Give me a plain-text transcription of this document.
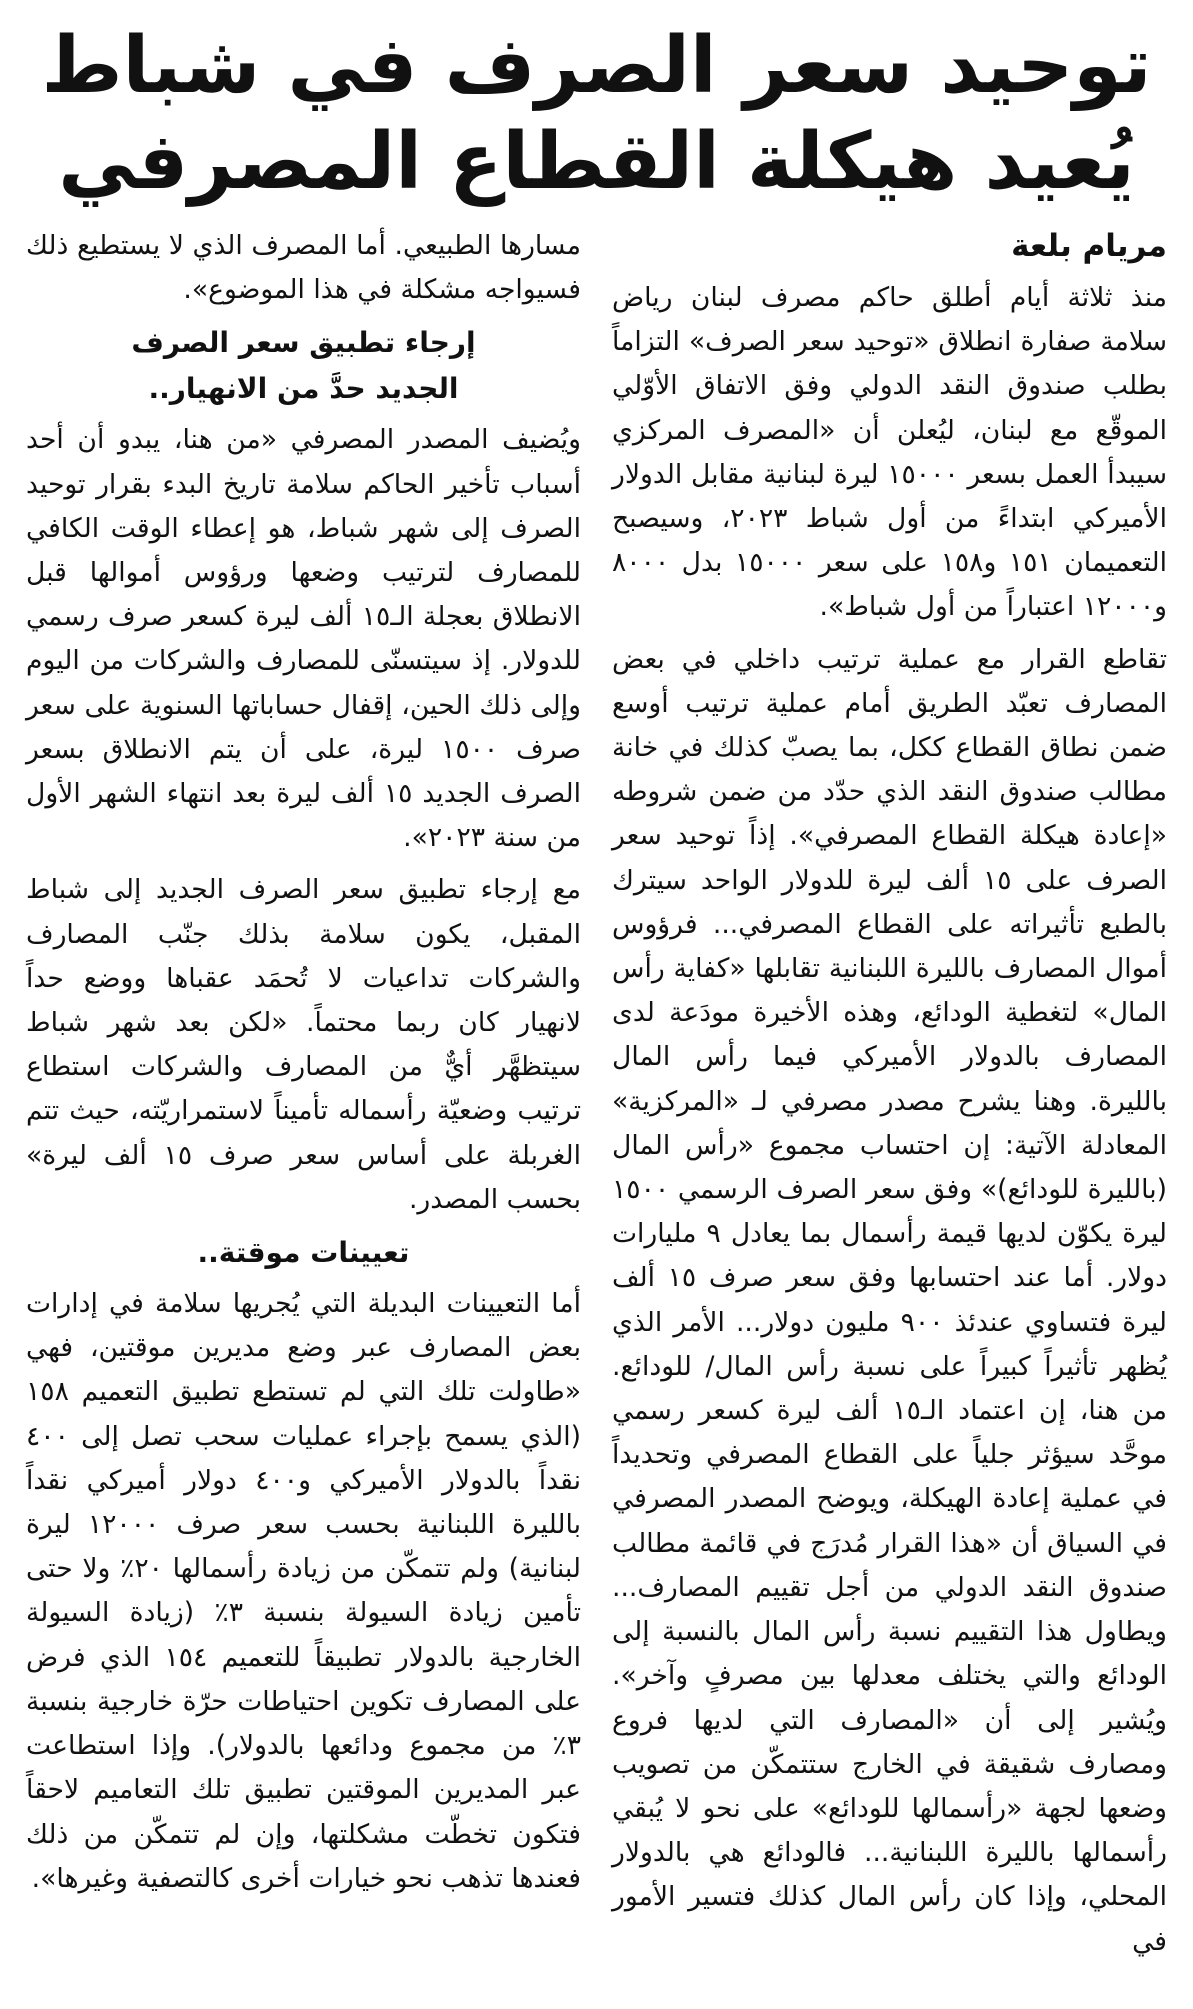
توحيد سعر الصرف في شباط
يُعيد هيكلة القطاع المصرفي
مريام بلعة

منذ ثلاثة أيام أطلق حاكم مصرف لبنان رياض سلامة صفارة انطلاق «توحيد سعر الصرف» التزاماً بطلب صندوق النقد الدولي وفق الاتفاق الأوّلي الموقّع مع لبنان، ليُعلن أن «المصرف المركزي سيبدأ العمل بسعر ١٥٠٠٠ ليرة لبنانية مقابل الدولار الأميركي ابتداءً من أول شباط ٢٠٢٣، وسيصبح التعميمان ١٥١ و١٥٨ على سعر ١٥٠٠٠ بدل ٨٠٠٠ و١٢٠٠٠ اعتباراً من أول شباط».

تقاطع القرار مع عملية ترتيب داخلي في بعض المصارف تعبّد الطريق أمام عملية ترتيب أوسع ضمن نطاق القطاع ككل، بما يصبّ كذلك في خانة مطالب صندوق النقد الذي حدّد من ضمن شروطه «إعادة هيكلة القطاع المصرفي». إذاً توحيد سعر الصرف على ١٥ ألف ليرة للدولار الواحد سيترك بالطبع تأثيراته على القطاع المصرفي... فرؤوس أموال المصارف بالليرة اللبنانية تقابلها «كفاية رأس المال» لتغطية الودائع، وهذه الأخيرة مودَعة لدى المصارف بالدولار الأميركي فيما رأس المال بالليرة. وهنا يشرح مصدر مصرفي لـ «المركزية» المعادلة الآتية: إن احتساب مجموع «رأس المال (بالليرة للودائع)» وفق سعر الصرف الرسمي ١٥٠٠ ليرة يكوّن لديها قيمة رأسمال بما يعادل ٩ مليارات دولار. أما عند احتسابها وفق سعر صرف ١٥ ألف ليرة فتساوي عندئذ ٩٠٠ مليون دولار... الأمر الذي يُظهر تأثيراً كبيراً على نسبة رأس المال/ للودائع. من هنا، إن اعتماد الـ١٥ ألف ليرة كسعر رسمي موحَّد سيؤثر جلياً على القطاع المصرفي وتحديداً في عملية إعادة الهيكلة، ويوضح المصدر المصرفي في السياق أن «هذا القرار مُدرَج في قائمة مطالب صندوق النقد الدولي من أجل تقييم المصارف... ويطاول هذا التقييم نسبة رأس المال بالنسبة إلى الودائع والتي يختلف معدلها بين مصرفٍ وآخر». ويُشير إلى أن «المصارف التي لديها فروع ومصارف شقيقة في الخارج ستتمكّن من تصويب وضعها لجهة «رأسمالها للودائع» على نحو لا يُبقي رأسمالها بالليرة اللبنانية... فالودائع هي بالدولار المحلي، وإذا كان رأس المال كذلك فتسير الأمور في

مسارها الطبيعي. أما المصرف الذي لا يستطيع ذلك فسيواجه مشكلة في هذا الموضوع».

إرجاء تطبيق سعر الصرف
الجديد حدَّ من الانهيار..

ويُضيف المصدر المصرفي «من هنا، يبدو أن أحد أسباب تأخير الحاكم سلامة تاريخ البدء بقرار توحيد الصرف إلى شهر شباط، هو إعطاء الوقت الكافي للمصارف لترتيب وضعها ورؤوس أموالها قبل الانطلاق بعجلة الـ١٥ ألف ليرة كسعر صرف رسمي للدولار. إذ سيتسنّى للمصارف والشركات من اليوم وإلى ذلك الحين، إقفال حساباتها السنوية على سعر صرف ١٥٠٠ ليرة، على أن يتم الانطلاق بسعر الصرف الجديد ١٥ ألف ليرة بعد انتهاء الشهر الأول من سنة ٢٠٢٣».

مع إرجاء تطبيق سعر الصرف الجديد إلى شباط المقبل، يكون سلامة بذلك جنّب المصارف والشركات تداعيات لا تُحمَد عقباها ووضع حداً لانهيار كان ربما محتماً. «لكن بعد شهر شباط سيتظهَّر أيٌّ من المصارف والشركات استطاع ترتيب وضعيّة رأسماله تأميناً لاستمراريّته، حيث تتم الغربلة على أساس سعر صرف ١٥ ألف ليرة» بحسب المصدر.

تعيينات موقتة..

أما التعيينات البديلة التي يُجريها سلامة في إدارات بعض المصارف عبر وضع مديرين موقتين، فهي «طاولت تلك التي لم تستطع تطبيق التعميم ١٥٨ (الذي يسمح بإجراء عمليات سحب تصل إلى ٤٠٠ نقداً بالدولار الأميركي و٤٠٠ دولار أميركي نقداً بالليرة اللبنانية بحسب سعر صرف ١٢٠٠٠ ليرة لبنانية) ولم تتمكّن من زيادة رأسمالها ٢٠٪ ولا حتى تأمين زيادة السيولة بنسبة ٣٪ (زيادة السيولة الخارجية بالدولار تطبيقاً للتعميم ١٥٤ الذي فرض على المصارف تكوين احتياطات حرّة خارجية بنسبة ٣٪ من مجموع ودائعها بالدولار). وإذا استطاعت عبر المديرين الموقتين تطبيق تلك التعاميم لاحقاً فتكون تخطّت مشكلتها، وإن لم تتمكّن من ذلك فعندها تذهب نحو خيارات أخرى كالتصفية وغيرها».
